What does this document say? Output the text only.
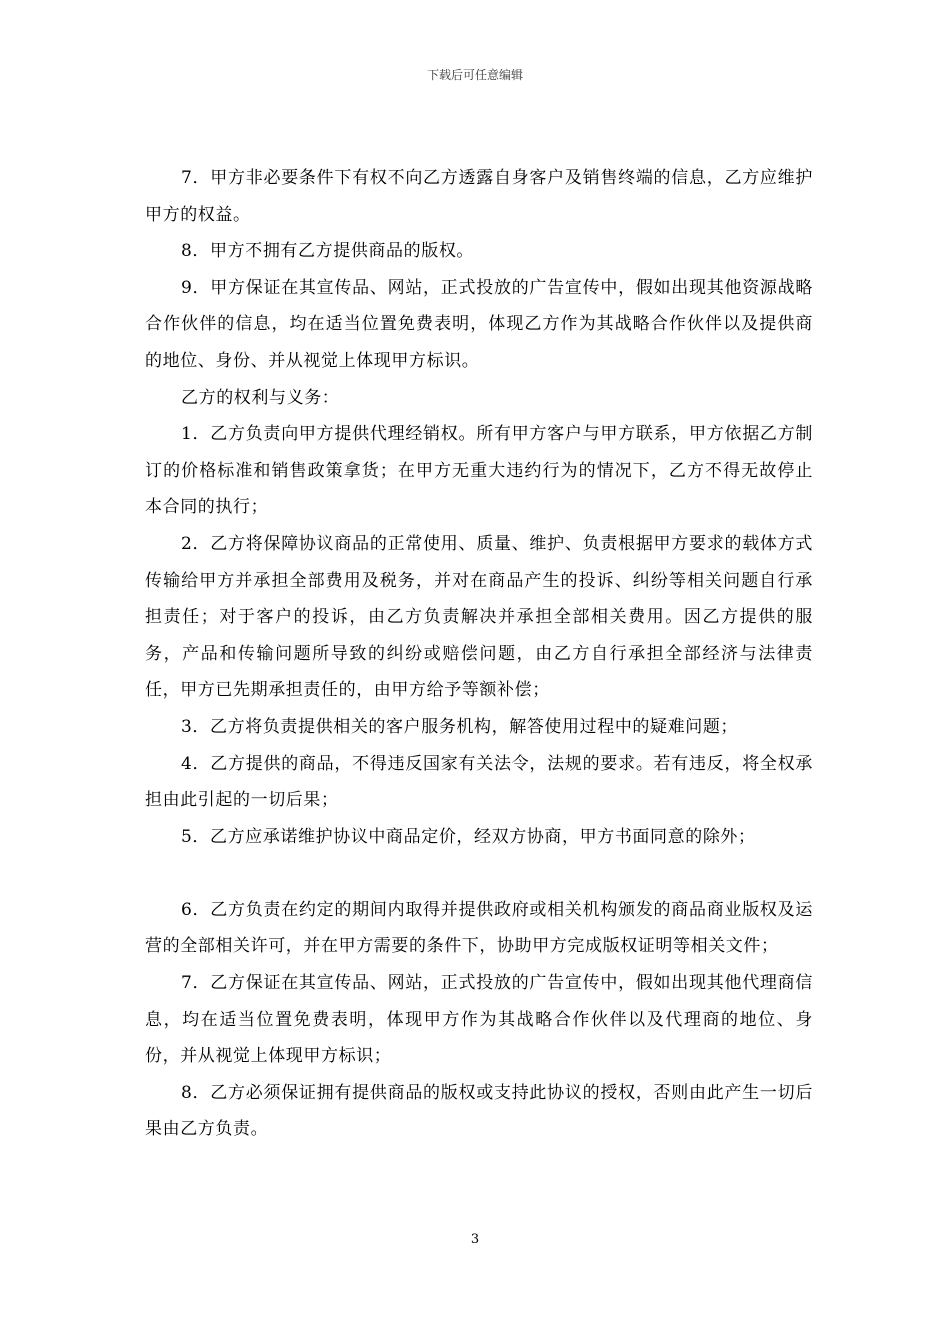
下载后可任意编辑

7．甲方非必要条件下有权不向乙方透露自身客户及销售终端的信息，乙方应维护甲方的权益。

8．甲方不拥有乙方提供商品的版权。

9．甲方保证在其宣传品、网站，正式投放的广告宣传中，假如出现其他资源战略合作伙伴的信息，均在适当位置免费表明，体现乙方作为其战略合作伙伴以及提供商的地位、身份、并从视觉上体现甲方标识。

乙方的权利与义务：

1．乙方负责向甲方提供代理经销权。所有甲方客户与甲方联系，甲方依据乙方制订的价格标准和销售政策拿货；在甲方无重大违约行为的情况下，乙方不得无故停止本合同的执行；

2．乙方将保障协议商品的正常使用、质量、维护、负责根据甲方要求的载体方式传输给甲方并承担全部费用及税务，并对在商品产生的投诉、纠纷等相关问题自行承担责任；对于客户的投诉，由乙方负责解决并承担全部相关费用。因乙方提供的服务，产品和传输问题所导致的纠纷或赔偿问题，由乙方自行承担全部经济与法律责任，甲方已先期承担责任的，由甲方给予等额补偿；

3．乙方将负责提供相关的客户服务机构，解答使用过程中的疑难问题；

4．乙方提供的商品，不得违反国家有关法令，法规的要求。若有违反，将全权承担由此引起的一切后果；

5．乙方应承诺维护协议中商品定价，经双方协商，甲方书面同意的除外；

6．乙方负责在约定的期间内取得并提供政府或相关机构颁发的商品商业版权及运营的全部相关许可，并在甲方需要的条件下，协助甲方完成版权证明等相关文件；

7．乙方保证在其宣传品、网站，正式投放的广告宣传中，假如出现其他代理商信息，均在适当位置免费表明，体现甲方作为其战略合作伙伴以及代理商的地位、身份，并从视觉上体现甲方标识；

8．乙方必须保证拥有提供商品的版权或支持此协议的授权，否则由此产生一切后果由乙方负责。

3
